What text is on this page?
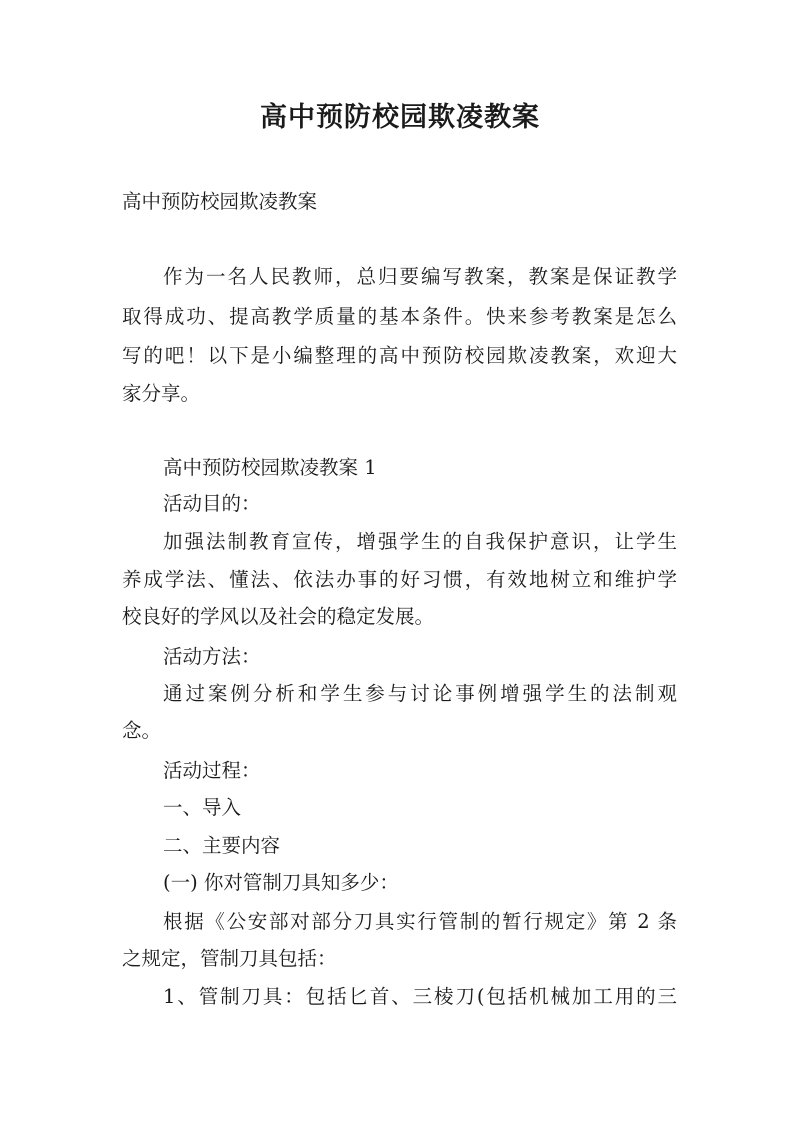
高中预防校园欺凌教案
高中预防校园欺凌教案
作为一名人民教师，总归要编写教案，教案是保证教学
取得成功、提高教学质量的基本条件。快来参考教案是怎么
写的吧！以下是小编整理的高中预防校园欺凌教案，欢迎大
家分享。
高中预防校园欺凌教案 1
活动目的：
加强法制教育宣传，增强学生的自我保护意识，让学生
养成学法、懂法、依法办事的好习惯，有效地树立和维护学
校良好的学风以及社会的稳定发展。
活动方法：
通过案例分析和学生参与讨论事例增强学生的法制观
念。
活动过程：
一、导入
二、主要内容
(一) 你对管制刀具知多少：
根据《公安部对部分刀具实行管制的暂行规定》第 2 条
之规定，管制刀具包括：
1、管制刀具：包括匕首、三棱刀(包括机械加工用的三
